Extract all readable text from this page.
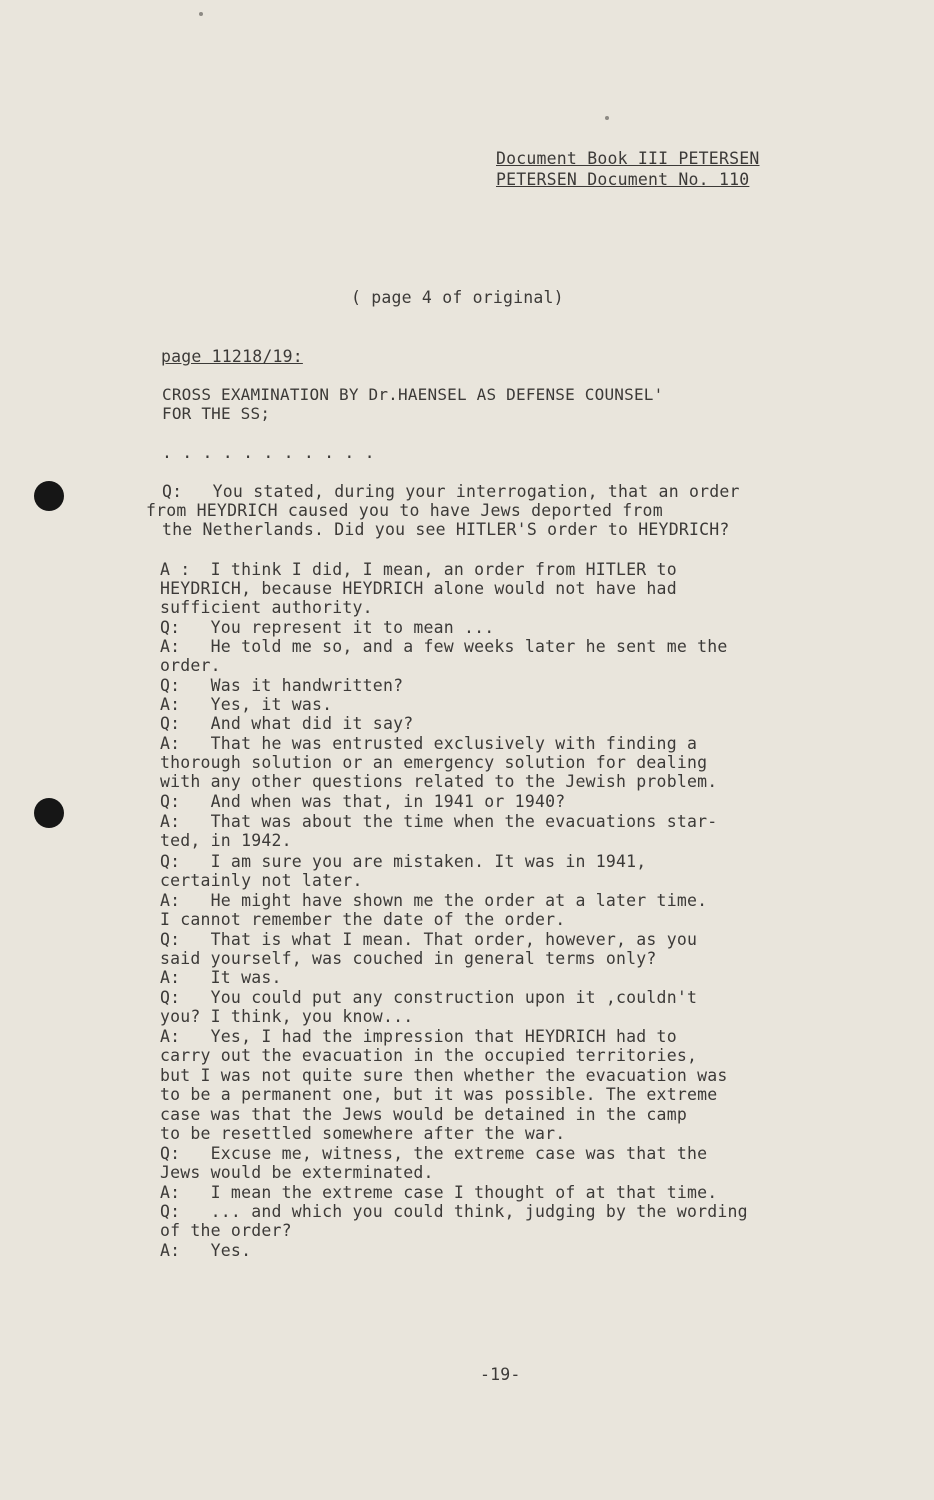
Document Book III PETERSEN
PETERSEN Document No. 110
( page 4 of original)
page 11218/19:
CROSS EXAMINATION BY Dr.HAENSEL AS DEFENSE COUNSEL'
FOR THE SS;
. . . . . . . . . . .
Q:   You stated, during your interrogation, that an order
from HEYDRICH caused you to have Jews deported from
the Netherlands. Did you see HITLER'S order to HEYDRICH?
A :  I think I did, I mean, an order from HITLER to
HEYDRICH, because HEYDRICH alone would not have had
sufficient authority.
Q:   You represent it to mean ...
A:   He told me so, and a few weeks later he sent me the
order.
Q:   Was it handwritten?
A:   Yes, it was.
Q:   And what did it say?
A:   That he was entrusted exclusively with finding a
thorough solution or an emergency solution for dealing
with any other questions related to the Jewish problem.
Q:   And when was that, in 1941 or 1940?
A:   That was about the time when the evacuations star-
ted, in 1942.
Q:   I am sure you are mistaken. It was in 1941,
certainly not later.
A:   He might have shown me the order at a later time.
I cannot remember the date of the order.
Q:   That is what I mean. That order, however, as you
said yourself, was couched in general terms only?
A:   It was.
Q:   You could put any construction upon it ,couldn't
you? I think, you know...
A:   Yes, I had the impression that HEYDRICH had to
carry out the evacuation in the occupied territories,
but I was not quite sure then whether the evacuation was
to be a permanent one, but it was possible. The extreme
case was that the Jews would be detained in the camp
to be resettled somewhere after the war.
Q:   Excuse me, witness, the extreme case was that the
Jews would be exterminated.
A:   I mean the extreme case I thought of at that time.
Q:   ... and which you could think, judging by the wording
of the order?
A:   Yes.
-19-
